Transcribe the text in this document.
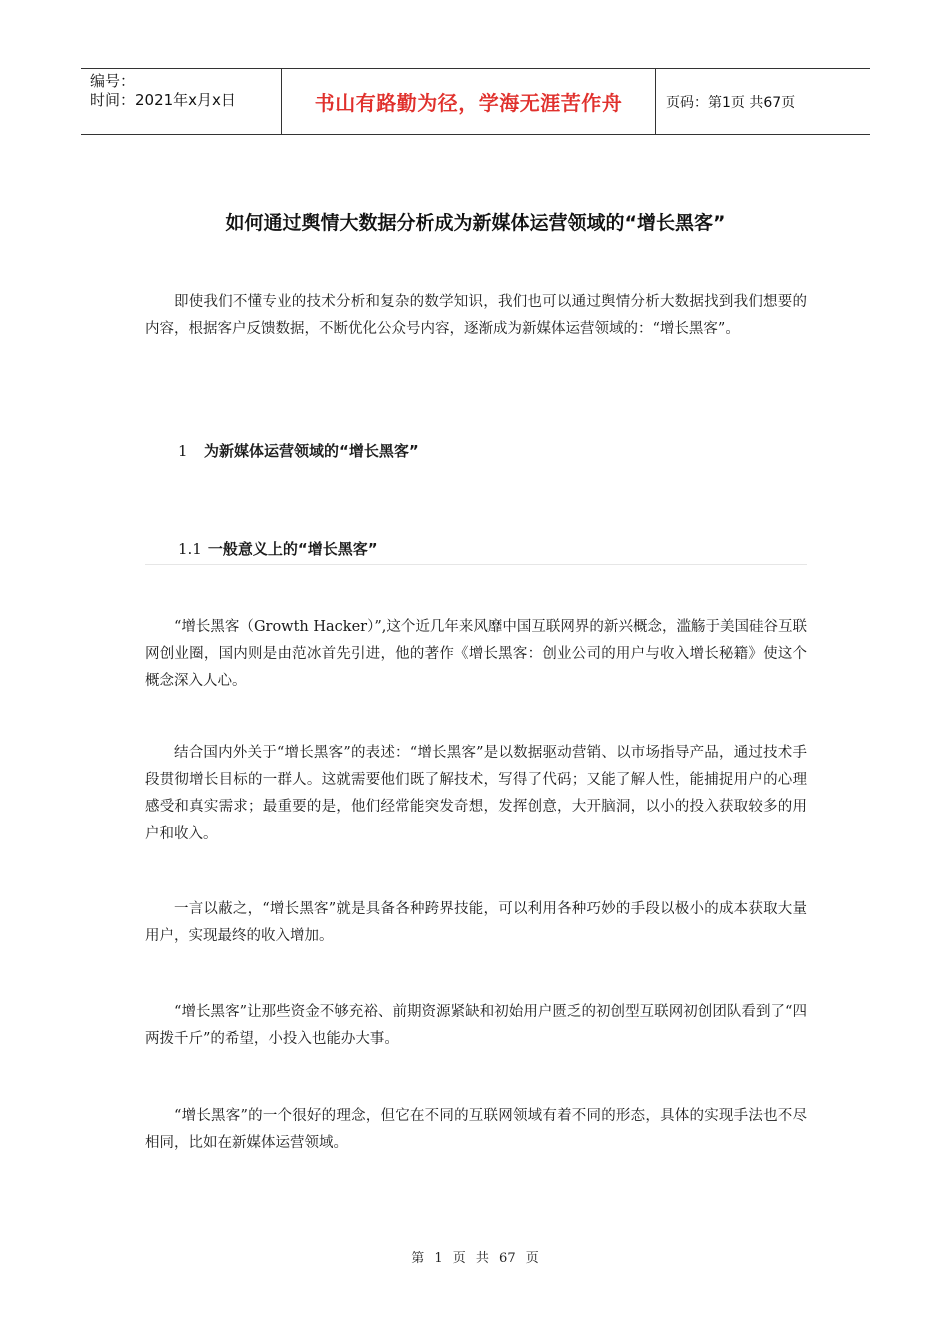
编号：
时间：2021年x月x日	书山有路勤为径，学海无涯苦作舟	页码：第1页 共67页
如何通过舆情大数据分析成为新媒体运营领域的“增长黑客”

即使我们不懂专业的技术分析和复杂的数学知识，我们也可以通过舆情分析大数据找到我们想要的内容，根据客户反馈数据，不断优化公众号内容，逐渐成为新媒体运营领域的：“增长黑客”。

1 为新媒体运营领域的“增长黑客”
1.1 一般意义上的“增长黑客”

“增长黑客（Growth Hacker）”,这个近几年来风靡中国互联网界的新兴概念，滥觞于美国硅谷互联网创业圈，国内则是由范冰首先引进，他的著作《增长黑客：创业公司的用户与收入增长秘籍》使这个概念深入人心。

结合国内外关于“增长黑客”的表述：“增长黑客”是以数据驱动营销、以市场指导产品，通过技术手段贯彻增长目标的一群人。这就需要他们既了解技术，写得了代码；又能了解人性，能捕捉用户的心理感受和真实需求；最重要的是，他们经常能突发奇想，发挥创意，大开脑洞，以小的投入获取较多的用户和收入。

一言以蔽之，“增长黑客”就是具备各种跨界技能，可以利用各种巧妙的手段以极小的成本获取大量用户，实现最终的收入增加。

“增长黑客”让那些资金不够充裕、前期资源紧缺和初始用户匮乏的初创型互联网初创团队看到了“四两拨千斤”的希望，小投入也能办大事。

“增长黑客”的一个很好的理念，但它在不同的互联网领域有着不同的形态，具体的实现手法也不尽相同，比如在新媒体运营领域。

第 1 页 共 67 页
